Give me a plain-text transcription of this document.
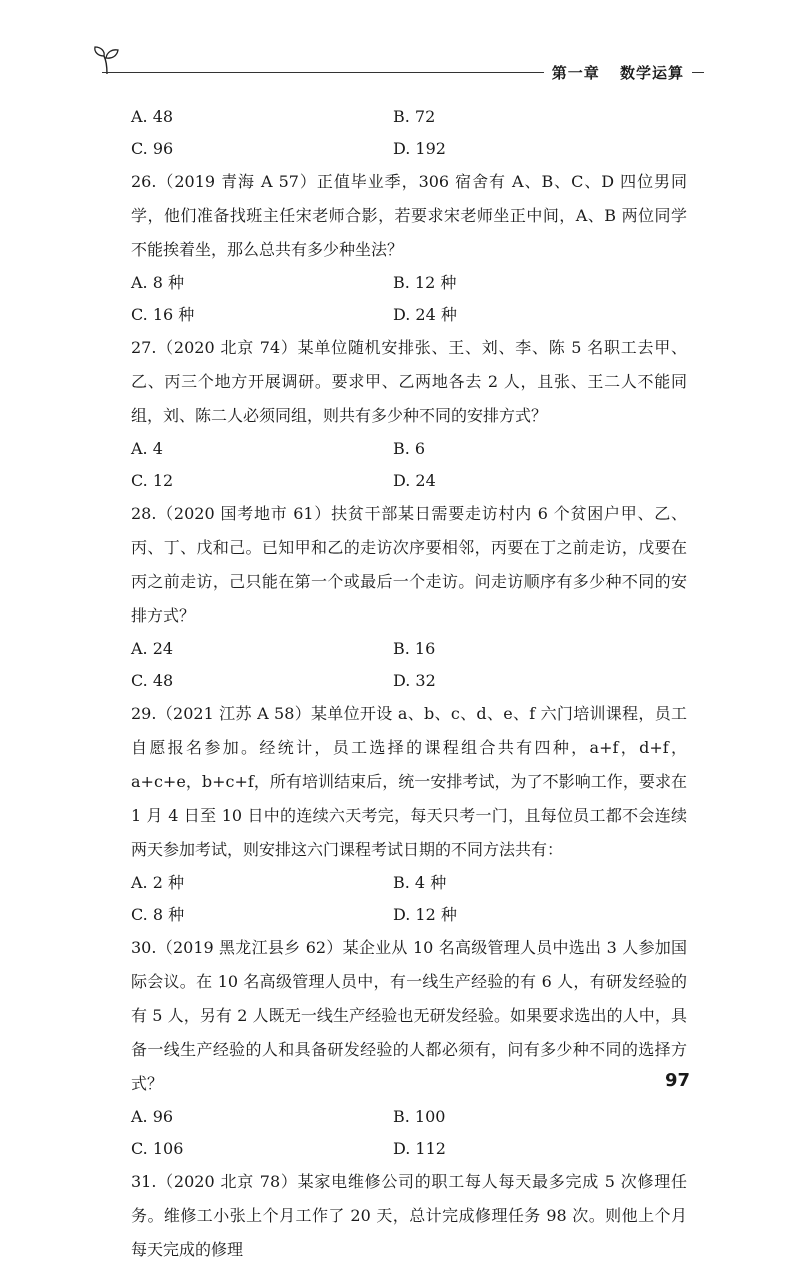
第一章 数学运算
A. 48	B. 72
C. 96	D. 192
26.（2019 青海 A 57）正值毕业季，306 宿舍有 A、B、C、D 四位男同学，他们准备找班主任宋老师合影，若要求宋老师坐正中间，A、B 两位同学不能挨着坐，那么总共有多少种坐法？
A. 8 种	B. 12 种
C. 16 种	D. 24 种
27.（2020 北京 74）某单位随机安排张、王、刘、李、陈 5 名职工去甲、乙、丙三个地方开展调研。要求甲、乙两地各去 2 人，且张、王二人不能同组，刘、陈二人必须同组，则共有多少种不同的安排方式？
A. 4	B. 6
C. 12	D. 24
28.（2020 国考地市 61）扶贫干部某日需要走访村内 6 个贫困户甲、乙、丙、丁、戊和己。已知甲和乙的走访次序要相邻，丙要在丁之前走访，戊要在丙之前走访，己只能在第一个或最后一个走访。问走访顺序有多少种不同的安排方式？
A. 24	B. 16
C. 48	D. 32
29.（2021 江苏 A 58）某单位开设 a、b、c、d、e、f 六门培训课程，员工自愿报名参加。经统计，员工选择的课程组合共有四种，a+f，d+f，a+c+e，b+c+f，所有培训结束后，统一安排考试，为了不影响工作，要求在 1 月 4 日至 10 日中的连续六天考完，每天只考一门，且每位员工都不会连续两天参加考试，则安排这六门课程考试日期的不同方法共有：
A. 2 种	B. 4 种
C. 8 种	D. 12 种
30.（2019 黑龙江县乡 62）某企业从 10 名高级管理人员中选出 3 人参加国际会议。在 10 名高级管理人员中，有一线生产经验的有 6 人，有研发经验的有 5 人，另有 2 人既无一线生产经验也无研发经验。如果要求选出的人中，具备一线生产经验的人和具备研发经验的人都必须有，问有多少种不同的选择方式？
A. 96	B. 100
C. 106	D. 112
31.（2020 北京 78）某家电维修公司的职工每人每天最多完成 5 次修理任务。维修工小张上个月工作了 20 天，总计完成修理任务 98 次。则他上个月每天完成的修理
97
